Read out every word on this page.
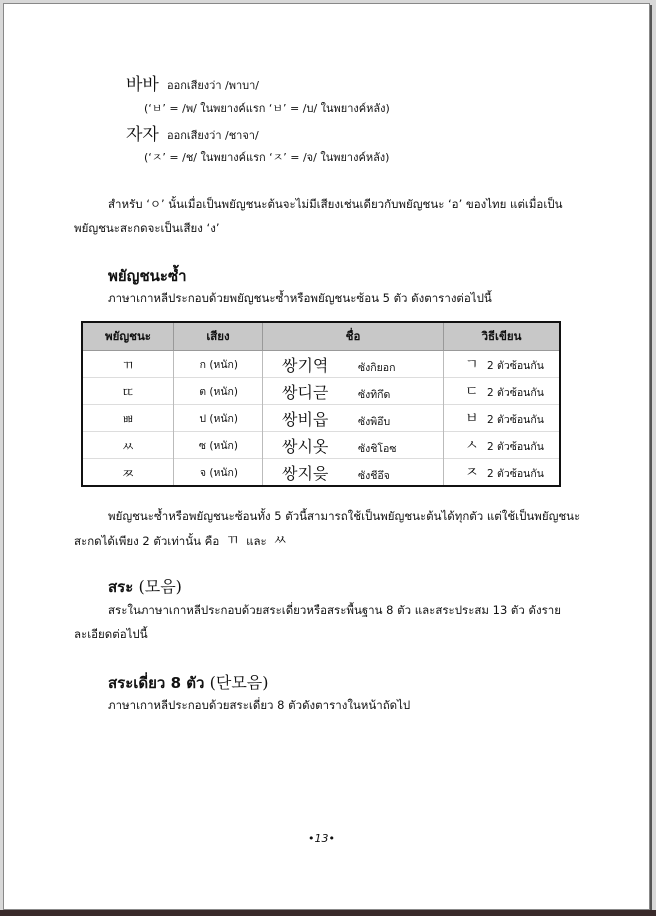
바바 ออกเสียงว่า /พาบา/
(‘ㅂ’ = /พ/ ในพยางค์แรก ‘ㅂ’ = /บ/ ในพยางค์หลัง)
자자 ออกเสียงว่า /ชาจา/
(‘ㅈ’ = /ช/ ในพยางค์แรก ‘ㅈ’ = /จ/ ในพยางค์หลัง)
สำหรับ ‘ㅇ’ นั้นเมื่อเป็นพยัญชนะต้นจะไม่มีเสียงเช่นเดียวกับพยัญชนะ ‘อ’ ของไทย แต่เมื่อเป็น
พยัญชนะสะกดจะเป็นเสียง ‘ง’
พยัญชนะซ้ำ
ภาษาเกาหลีประกอบด้วยพยัญชนะซ้ำหรือพยัญชนะซ้อน 5 ตัว ดังตารางต่อไปนี้
พยัญชนะ	เสียง	ชื่อ	วิธีเขียน
ㄲ	ก (หนัก)	쌍기역 ซังกิยอก	ㄱ 2 ตัวซ้อนกัน
ㄸ	ต (หนัก)	쌍디귿 ซังทิกึด	ㄷ 2 ตัวซ้อนกัน
ㅃ	ป (หนัก)	쌍비읍 ซังพิอึบ	ㅂ 2 ตัวซ้อนกัน
ㅆ	ซ (หนัก)	쌍시옷 ซังชิโอซ	ㅅ 2 ตัวซ้อนกัน
ㅉ	จ (หนัก)	쌍지읒 ซังชีอึจ	ㅈ 2 ตัวซ้อนกัน
พยัญชนะซ้ำหรือพยัญชนะซ้อนทั้ง 5 ตัวนี้สามารถใช้เป็นพยัญชนะต้นได้ทุกตัว แต่ใช้เป็นพยัญชนะ
สะกดได้เพียง 2 ตัวเท่านั้น คือ ㄲ และ ㅆ
สระ (모음)
สระในภาษาเกาหลีประกอบด้วยสระเดี่ยวหรือสระพื้นฐาน 8 ตัว และสระประสม 13 ตัว ดังราย
ละเอียดต่อไปนี้
สระเดี่ยว 8 ตัว (단모음)
ภาษาเกาหลีประกอบด้วยสระเดี่ยว 8 ตัวดังตารางในหน้าถัดไป
•13•
